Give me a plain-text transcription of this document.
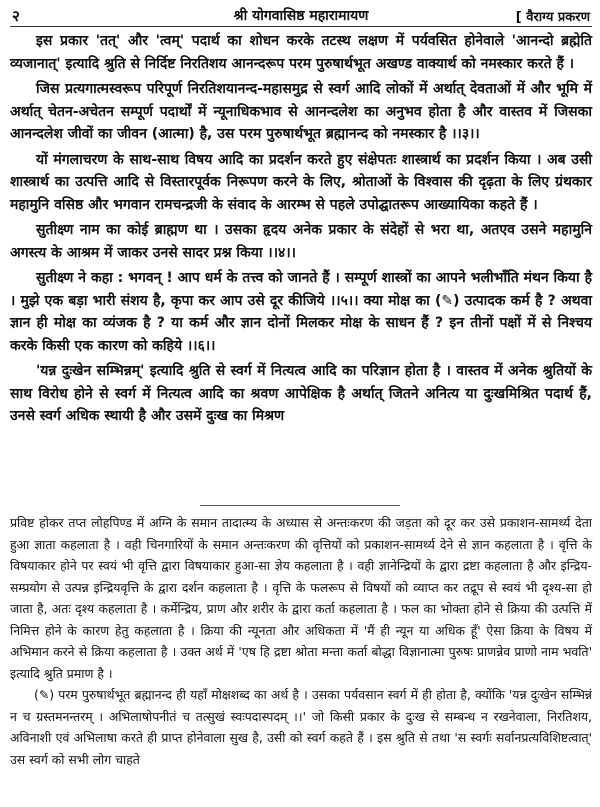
२	श्री योगवासिष्ठ महारामायण	[ वैराग्य प्रकरण

इस प्रकार 'तत्' और 'त्वम्' पदार्थ का शोधन करके तटस्थ लक्षण में पर्यवसित होनेवाले 'आनन्दो ब्रह्मेति व्यजानात्' इत्यादि श्रुति से निर्दिष्ट निरतिशय आनन्दरूप परम पुरुषार्थभूत अखण्ड वाक्यार्थ को नमस्कार करते हैं ।

जिस प्रत्यगात्मस्वरूप परिपूर्ण निरतिशयानन्द-महासमुद्र से स्वर्ग आदि लोकों में अर्थात् देवताओं में और भूमि में अर्थात् चेतन-अचेतन सम्पूर्ण पदार्थों में न्यूनाधिकभाव से आनन्दलेश का अनुभव होता है और वास्तव में जिसका आनन्दलेश जीवों का जीवन (आत्मा) है, उस परम पुरुषार्थभूत ब्रह्मानन्द को नमस्कार है ।।३।।

यों मंगलाचरण के साथ-साथ विषय आदि का प्रदर्शन करते हुए संक्षेपतः शास्त्रार्थ का प्रदर्शन किया । अब उसी शास्त्रार्थ का उत्पत्ति आदि से विस्तारपूर्वक निरूपण करने के लिए, श्रोताओं के विश्वास की दृढ़ता के लिए ग्रंथकार महामुनि वसिष्ठ और भगवान रामचन्द्रजी के संवाद के आरम्भ से पहले उपोद्घातरूप आख्यायिका कहते हैं ।

सुतीक्ष्ण नाम का कोई ब्राह्मण था । उसका हृदय अनेक प्रकार के संदेहों से भरा था, अतएव उसने महामुनि अगस्त्य के आश्रम में जाकर उनसे सादर प्रश्न किया ।।४।।

सुतीक्ष्ण ने कहा : भगवन् ! आप धर्म के तत्त्व को जानते हैं । सम्पूर्ण शास्त्रों का आपने भलीभाँति मंथन किया है । मुझे एक बड़ा भारी संशय है, कृपा कर आप उसे दूर कीजिये ।।५।। क्या मोक्ष का (✎) उत्पादक कर्म है ? अथवा ज्ञान ही मोक्ष का व्यंजक है ? या कर्म और ज्ञान दोनों मिलकर मोक्ष के साधन हैं ? इन तीनों पक्षों में से निश्चय करके किसी एक कारण को कहिये ।।६।।

'यन्न दुःखेन सम्भिन्नम्' इत्यादि श्रुति से स्वर्ग में नित्यत्व आदि का परिज्ञान होता है । वास्तव में अनेक श्रुतियों के साथ विरोध होने से स्वर्ग में नित्यत्व आदि का श्रवण आपेक्षिक है अर्थात् जितने अनित्य या दुःखमिश्रित पदार्थ हैं, उनसे स्वर्ग अधिक स्थायी है और उसमें दुःख का मिश्रण

प्रविष्ट होकर तप्त लोहपिण्ड में अग्नि के समान तादात्म्य के अध्यास से अन्तःकरण की जड़ता को दूर कर उसे प्रकाशन-सामर्थ्य देता हुआ ज्ञाता कहलाता है । वही चिनगारियों के समान अन्तःकरण की वृत्तियों को प्रकाशन-सामर्थ्य देने से ज्ञान कहलाता है । वृत्ति के विषयाकार होने पर स्वयं भी वृत्ति द्वारा विषयाकार हुआ-सा ज्ञेय कहलाता है । वही ज्ञानेन्द्रियों के द्वारा द्रष्टा कहलाता है और इन्द्रिय-सम्प्रयोग से उत्पन्न इन्द्रियवृत्ति के द्वारा दर्शन कहलाता है । वृत्ति के फलरूप से विषयों को व्याप्त कर तद्रूप से स्वयं भी दृश्य-सा हो जाता है, अतः दृश्य कहलाता है । कर्मेन्द्रिय, प्राण और शरीर के द्वारा कर्ता कहलाता है । फल का भोक्ता होने से क्रिया की उत्पत्ति में निमित्त होने के कारण हेतु कहलाता है । क्रिया की न्यूनता और अधिकता में 'मैं ही न्यून या अधिक हूँ' ऐसा क्रिया के विषय में अभिमान करने से क्रिया कहलाता है । उक्त अर्थ में 'एष हि द्रष्टा श्रोता मन्ता कर्ता बोद्धा विज्ञानात्मा पुरुषः प्राणन्नेव प्राणो नाम भवति' इत्यादि श्रुति प्रमाण है ।

(✎) परम पुरुषार्थभूत ब्रह्मानन्द ही यहाँ मोक्षशब्द का अर्थ है । उसका पर्यवसान स्वर्ग में ही होता है, क्योंकि 'यन्न दुःखेन सम्भिन्नं न च ग्रस्तमनन्तरम् । अभिलाषोपनीतं च तत्सुखं स्वःपदास्पदम् ।।' जो किसी प्रकार के दुःख से सम्बन्ध न रखनेवाला, निरतिशय, अविनाशी एवं अभिलाषा करते ही प्राप्त होनेवाला सुख है, उसी को स्वर्ग कहते हैं । इस श्रुति से तथा 'स स्वर्गः सर्वानप्रत्यविशिष्टत्वात्' उस स्वर्ग को सभी लोग चाहते
